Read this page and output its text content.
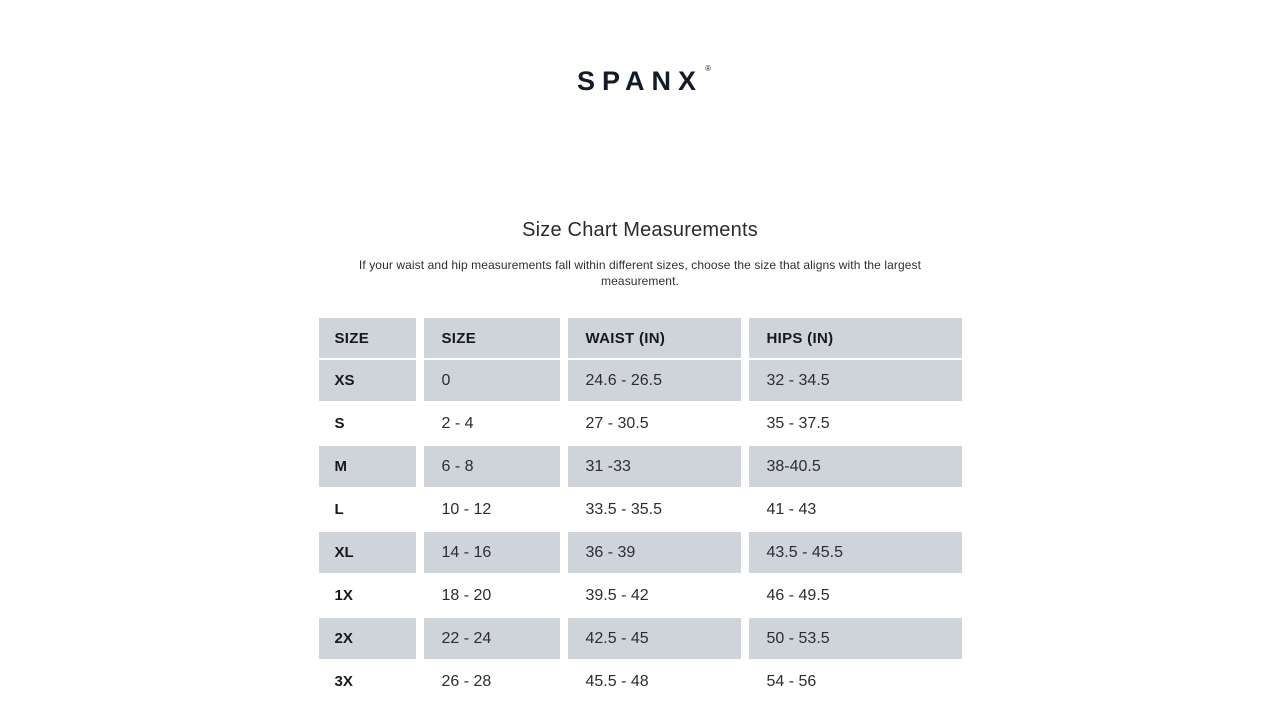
SPANX ®
Size Chart Measurements
If your waist and hip measurements fall within different sizes, choose the size that aligns with the largest measurement.
SIZE	SIZE	WAIST (IN)	HIPS (IN)
XS	0	24.6 - 26.5	32 - 34.5
S	2 - 4	27 - 30.5	35 - 37.5
M	6 - 8	31 -33	38-40.5
L	10 - 12	33.5 - 35.5	41 - 43
XL	14 - 16	36 - 39	43.5 - 45.5
1X	18 - 20	39.5 - 42	46 - 49.5
2X	22 - 24	42.5 - 45	50 - 53.5
3X	26 - 28	45.5 - 48	54 - 56
